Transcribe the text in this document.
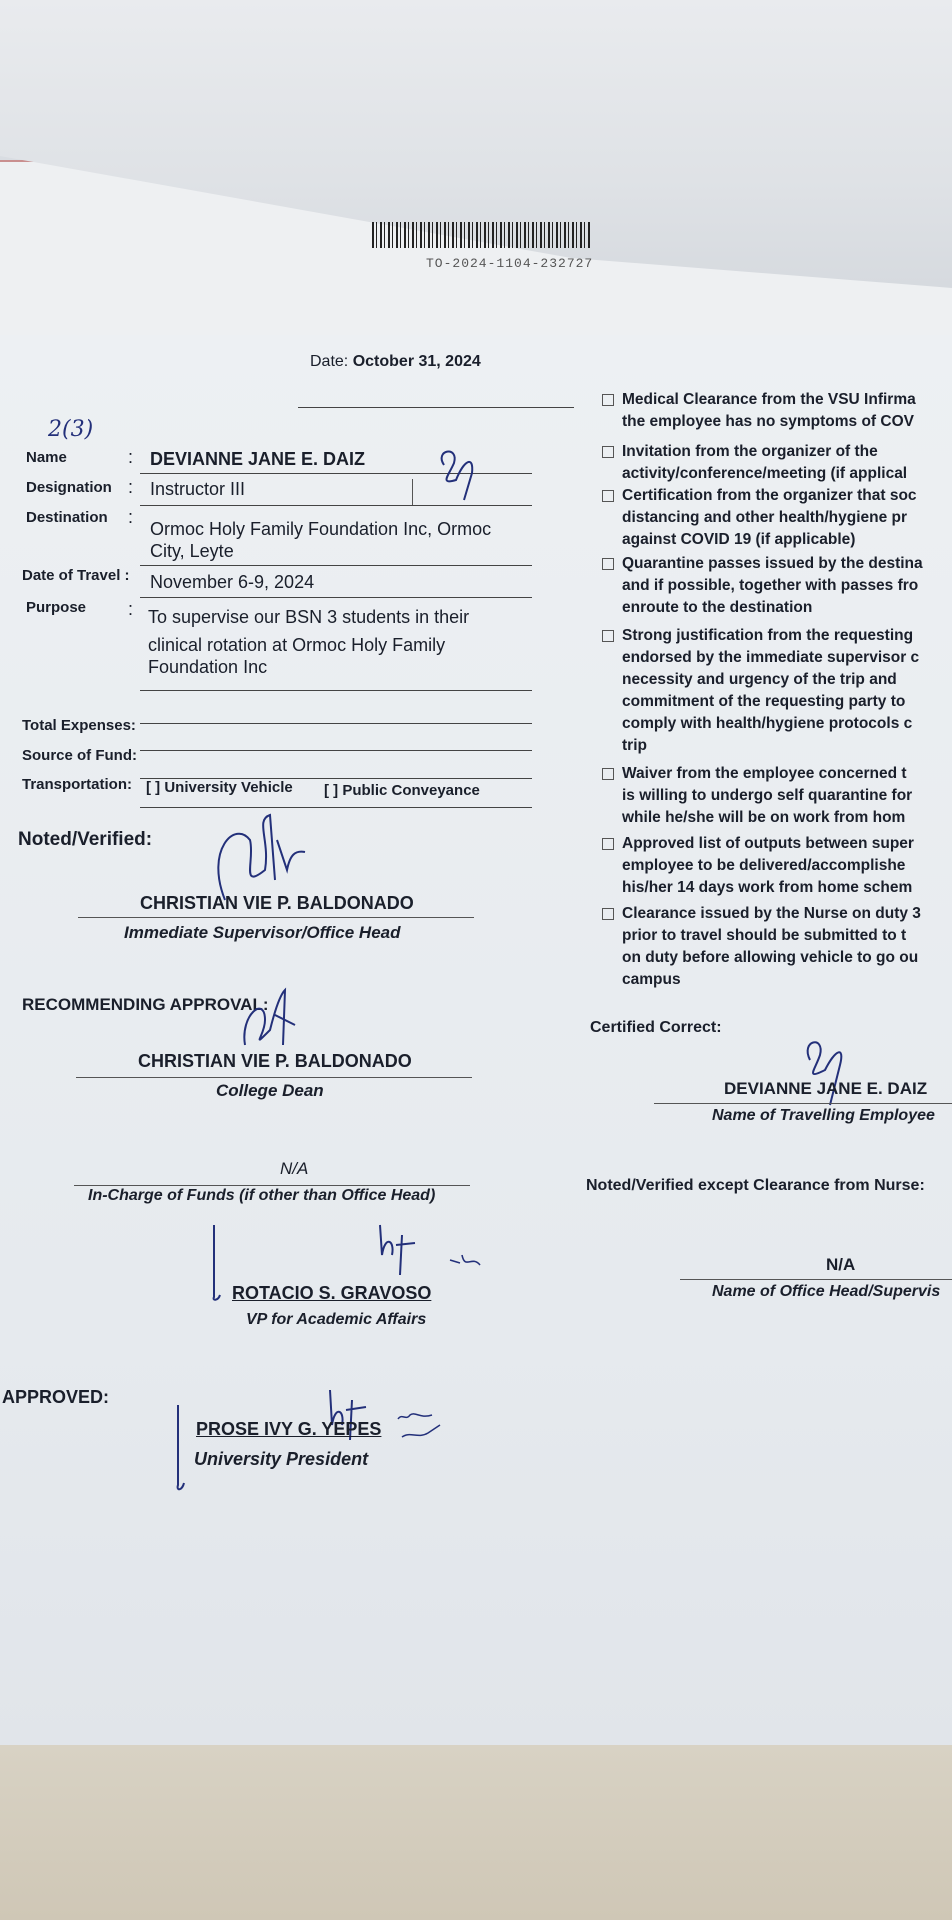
TO-2024-1104-232727
Date: October 31, 2024
2(3)
Name	: DEVIANNE JANE E. DAIZ
Designation : Instructor III
Destination :
Ormoc Holy Family Foundation Inc, Ormoc
City, Leyte
Date of Travel : November 6-9, 2024
Purpose : To supervise our BSN 3 students in their
clinical rotation at Ormoc Holy Family
Foundation Inc
Total Expenses:
Source of Fund:
Transportation: [ ] University Vehicle [ ] Public Conveyance
Medical Clearance from the VSU Infirma
the employee has no symptoms of COV
Invitation from the organizer of the
activity/conference/meeting (if applical
Certification from the organizer that soc
distancing and other health/hygiene pr
against COVID 19 (if applicable)
Quarantine passes issued by the destina
and if possible, together with passes fro
enroute to the destination
Strong justification from the requesting
endorsed by the immediate supervisor c
necessity and urgency of the trip and
commitment of the requesting party to
comply with health/hygiene protocols c
trip
Waiver from the employee concerned t
is willing to undergo self quarantine for
while he/she will be on work from hom
Approved list of outputs between super
employee to be delivered/accomplishe
his/her 14 days work from home schem
Clearance issued by the Nurse on duty 3
prior to travel should be submitted to t
on duty before allowing vehicle to go ou
campus
Noted/Verified:
CHRISTIAN VIE P. BALDONADO
Immediate Supervisor/Office Head
RECOMMENDING APPROVAL:
CHRISTIAN VIE P. BALDONADO
College Dean
N/A
In-Charge of Funds (if other than Office Head)
ROTACIO S. GRAVOSO
VP for Academic Affairs
APPROVED:
PROSE IVY G. YEPES
University President
Certified Correct:
DEVIANNE JANE E. DAIZ
Name of Travelling Employee
Noted/Verified except Clearance from Nurse:
N/A
Name of Office Head/Supervis
